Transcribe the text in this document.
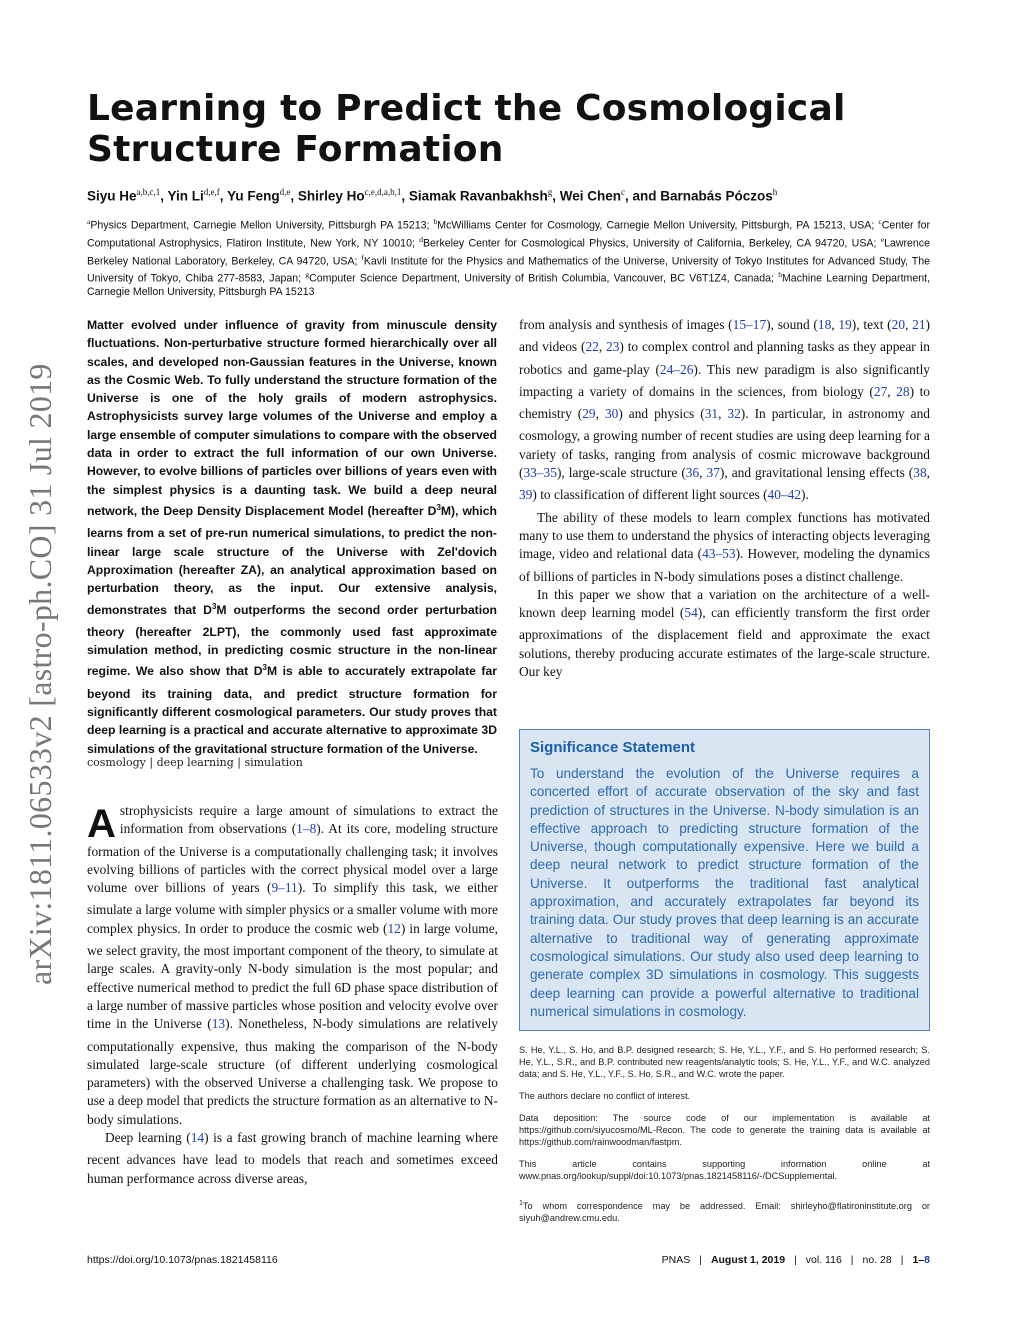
Learning to Predict the Cosmological Structure Formation
Siyu He$^{a,b,c,1}$, Yin Li$^{d,e,f}$, Yu Feng$^{d,e}$, Shirley Ho$^{c,e,d,a,b,1}$, Siamak Ravanbakhsh$^g$, Wei Chen$^c$, and Barnabás Póczos$^h$
$^a$Physics Department, Carnegie Mellon University, Pittsburgh PA 15213; $^b$McWilliams Center for Cosmology, Carnegie Mellon University, Pittsburgh, PA 15213, USA; $^c$Center for Computational Astrophysics, Flatiron Institute, New York, NY 10010; $^d$Berkeley Center for Cosmological Physics, University of California, Berkeley, CA 94720, USA; $^e$Lawrence Berkeley National Laboratory, Berkeley, CA 94720, USA; $^f$Kavli Institute for the Physics and Mathematics of the Universe, University of Tokyo Institutes for Advanced Study, The University of Tokyo, Chiba 277-8583, Japan; $^g$Computer Science Department, University of British Columbia, Vancouver, BC V6T1Z4, Canada; $^h$Machine Learning Department, Carnegie Mellon University, Pittsburgh PA 15213
arXiv:1811.06533v2 [astro-ph.CO] 31 Jul 2019
Matter evolved under influence of gravity from minuscule density fluctuations. Non-perturbative structure formed hierarchically over all scales, and developed non-Gaussian features in the Universe, known as the Cosmic Web. To fully understand the structure formation of the Universe is one of the holy grails of modern astrophysics. Astrophysicists survey large volumes of the Universe and employ a large ensemble of computer simulations to compare with the observed data in order to extract the full information of our own Universe. However, to evolve billions of particles over billions of years even with the simplest physics is a daunting task. We build a deep neural network, the Deep Density Displacement Model (hereafter $D^3M$), which learns from a set of pre-run numerical simulations, to predict the non-linear large scale structure of the Universe with Zel'dovich Approximation (hereafter ZA), an analytical approximation based on perturbation theory, as the input. Our extensive analysis, demonstrates that $D^3M$ outperforms the second order perturbation theory (hereafter 2LPT), the commonly used fast approximate simulation method, in predicting cosmic structure in the non-linear regime. We also show that $D^3M$ is able to accurately extrapolate far beyond its training data, and predict structure formation for significantly different cosmological parameters. Our study proves that deep learning is a practical and accurate alternative to approximate 3D simulations of the gravitational structure formation of the Universe.
cosmology | deep learning | simulation
A strophysicists require a large amount of simulations to extract the information from observations (1–8). At its core, modeling structure formation of the Universe is a computationally challenging task; it involves evolving billions of particles with the correct physical model over a large volume over billions of years (9–11). To simplify this task, we either simulate a large volume with simpler physics or a smaller volume with more complex physics. In order to produce the cosmic web (12) in large volume, we select gravity, the most important component of the theory, to simulate at large scales. A gravity-only N-body simulation is the most popular; and effective numerical method to predict the full 6D phase space distribution of a large number of massive particles whose position and velocity evolve over time in the Universe (13). Nonetheless, N-body simulations are relatively computationally expensive, thus making the comparison of the N-body simulated large-scale structure (of different underlying cosmological parameters) with the observed Universe a challenging task. We propose to use a deep model that predicts the structure formation as an alternative to N-body simulations.

Deep learning (14) is a fast growing branch of machine learning where recent advances have lead to models that reach and sometimes exceed human performance across diverse areas,

from analysis and synthesis of images (15–17), sound (18, 19), text (20, 21) and videos (22, 23) to complex control and planning tasks as they appear in robotics and game-play (24–26). This new paradigm is also significantly impacting a variety of domains in the sciences, from biology (27, 28) to chemistry (29, 30) and physics (31, 32). In particular, in astronomy and cosmology, a growing number of recent studies are using deep learning for a variety of tasks, ranging from analysis of cosmic microwave background (33–35), large-scale structure (36, 37), and gravitational lensing effects (38, 39) to classification of different light sources (40–42).

The ability of these models to learn complex functions has motivated many to use them to understand the physics of interacting objects leveraging image, video and relational data (43–53). However, modeling the dynamics of billions of particles in N-body simulations poses a distinct challenge.

In this paper we show that a variation on the architecture of a well-known deep learning model (54), can efficiently transform the first order approximations of the displacement field and approximate the exact solutions, thereby producing accurate estimates of the large-scale structure. Our key

Significance Statement
To understand the evolution of the Universe requires a concerted effort of accurate observation of the sky and fast prediction of structures in the Universe. N-body simulation is an effective approach to predicting structure formation of the Universe, though computationally expensive. Here we build a deep neural network to predict structure formation of the Universe. It outperforms the traditional fast analytical approximation, and accurately extrapolates far beyond its training data. Our study proves that deep learning is an accurate alternative to traditional way of generating approximate cosmological simulations. Our study also used deep learning to generate complex 3D simulations in cosmology. This suggests deep learning can provide a powerful alternative to traditional numerical simulations in cosmology.

S. He, Y.L., S. Ho, and B.P. designed research; S. He, Y.L., Y.F., and S. Ho performed research; S. He, Y.L., S.R., and B.P. contributed new reagents/analytic tools; S. He, Y.L., Y.F., and W.C. analyzed data; and S. He, Y.L., Y.F., S. Ho, S.R., and W.C. wrote the paper.

The authors declare no conflict of interest.

Data deposition: The source code of our implementation is available at https://github.com/siyucosmo/ML-Recon. The code to generate the training data is available at https://github.com/rainwoodman/fastpm.

This article contains supporting information online at www.pnas.org/lookup/suppl/doi:10.1073/pnas.1821458116/-/DCSupplemental.

$^1$To whom correspondence may be addressed. Email: shirleyho@flatironinstitute.org or siyuh@andrew.cmu.edu.

https://doi.org/10.1073/pnas.1821458116	PNAS | August 1, 2019 | vol. 116 | no. 28 | 1–8
